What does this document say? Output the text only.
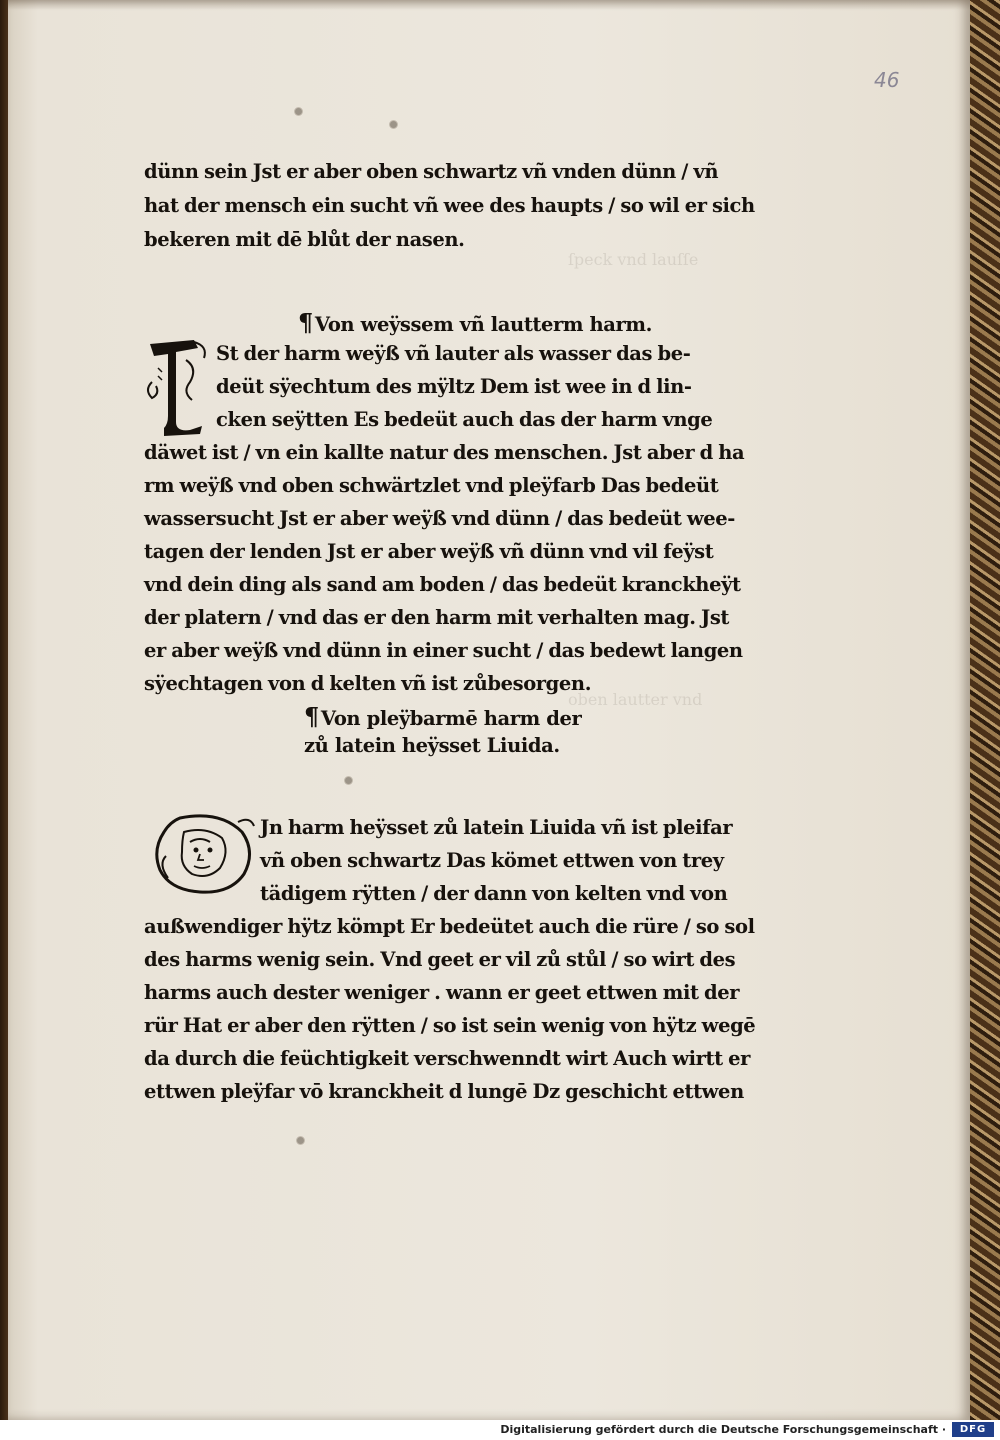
46
ſpeck vnd lauſſe
oben lautter vnd
dünn sein Jst er aber oben schwartz vñ vnden dünn / vñ
hat der mensch ein sucht vñ wee des haupts / so wil er sich
bekeren mit dē blůt der nasen.
¶ Von weÿssem vñ lautterm harm.
St der harm weÿß vñ lauter als wasser das be-
deüt sÿechtum des mÿltz Dem ist wee in d lin-
cken seÿtten Es bedeüt auch das der harm vnge
däwet ist / vn ein kallte natur des menschen. Jst aber d ha
rm weÿß vnd oben schwärtzlet vnd pleÿfarb Das bedeüt
wassersucht Jst er aber weÿß vnd dünn / das bedeüt wee-
tagen der lenden Jst er aber weÿß vñ dünn vnd vil feÿst
vnd dein ding als sand am boden / das bedeüt kranckheÿt
der platern / vnd das er den harm mit verhalten mag. Jst
er aber weÿß vnd dünn in einer sucht / das bedewt langen
sÿechtagen von d kelten vñ ist zůbesorgen.
¶ Von pleÿbarmē harm der
zů latein heÿsset Liuida.
Jn harm heÿsset zů latein Liuida vñ ist pleifar
vñ oben schwartz Das kömet ettwen von trey
tädigem rÿtten / der dann von kelten vnd von
außwendiger hÿtz kömpt Er bedeütet auch die rüre / so sol
des harms wenig sein. Vnd geet er vil zů stůl / so wirt des
harms auch dester weniger . wann er geet ettwen mit der
rür Hat er aber den rÿtten / so ist sein wenig von hÿtz wegē
da durch die feüchtigkeit verschwenndt wirt Auch wirtt er
ettwen pleÿfar vō kranckheit d lungē Dz geschicht ettwen
Digitalisierung gefördert durch die Deutsche Forschungsgemeinschaft ·	DFG
